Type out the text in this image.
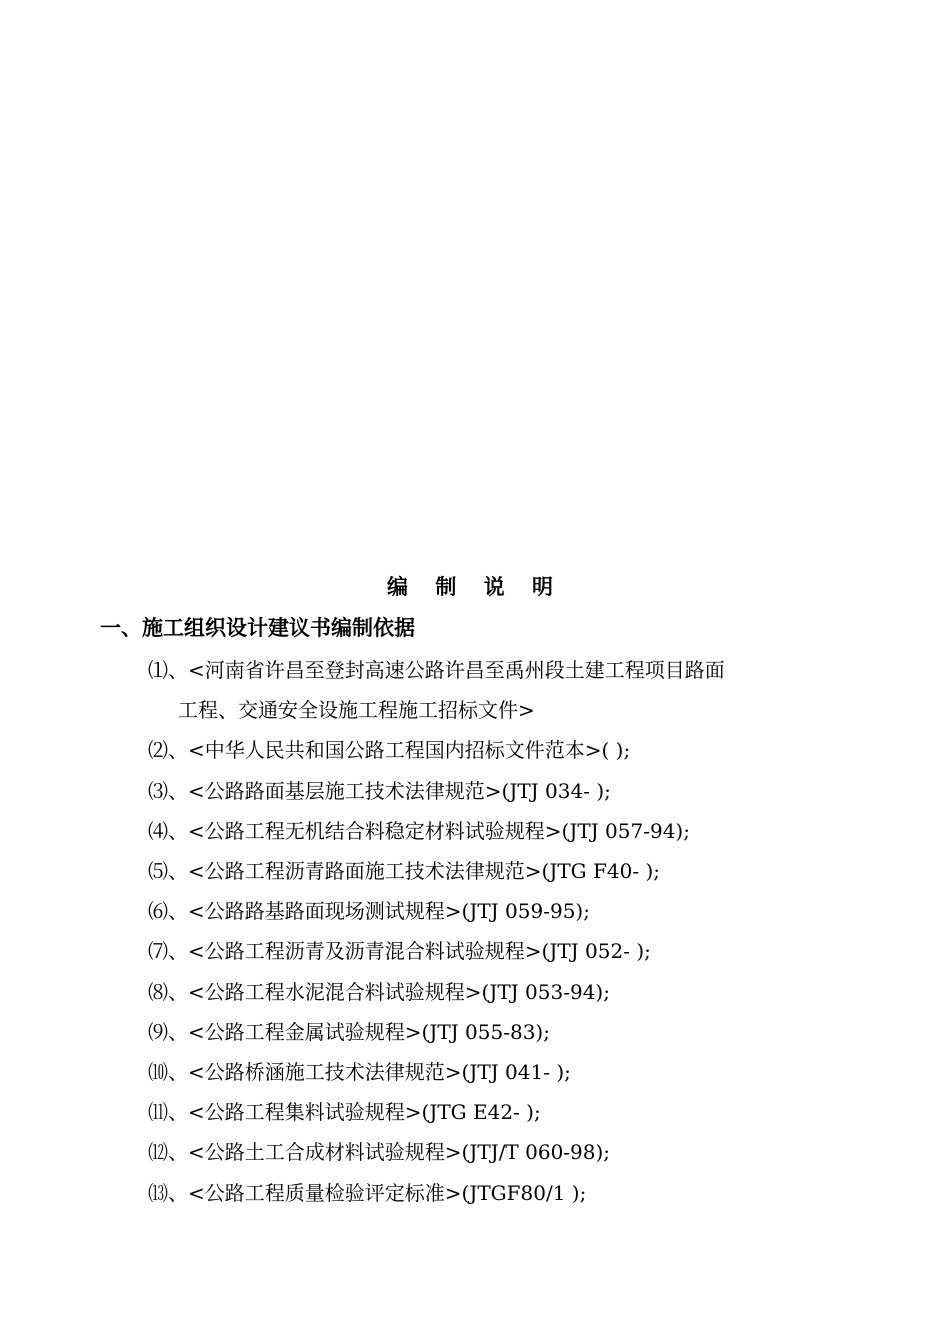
编 制 说 明
一、施工组织设计建议书编制依据
⑴、<河南省许昌至登封高速公路许昌至禹州段土建工程项目路面
工程、交通安全设施工程施工招标文件>
⑵、<中华人民共和国公路工程国内招标文件范本>( );
⑶、<公路路面基层施工技术法律规范>(JTJ 034- );
⑷、<公路工程无机结合料稳定材料试验规程>(JTJ 057-94);
⑸、<公路工程沥青路面施工技术法律规范>(JTG F40- );
⑹、<公路路基路面现场测试规程>(JTJ 059-95);
⑺、<公路工程沥青及沥青混合料试验规程>(JTJ 052- );
⑻、<公路工程水泥混合料试验规程>(JTJ 053-94);
⑼、<公路工程金属试验规程>(JTJ 055-83);
⑽、<公路桥涵施工技术法律规范>(JTJ 041- );
⑾、<公路工程集料试验规程>(JTG E42- );
⑿、<公路土工合成材料试验规程>(JTJ/T 060-98);
⒀、<公路工程质量检验评定标准>(JTGF80/1 );
